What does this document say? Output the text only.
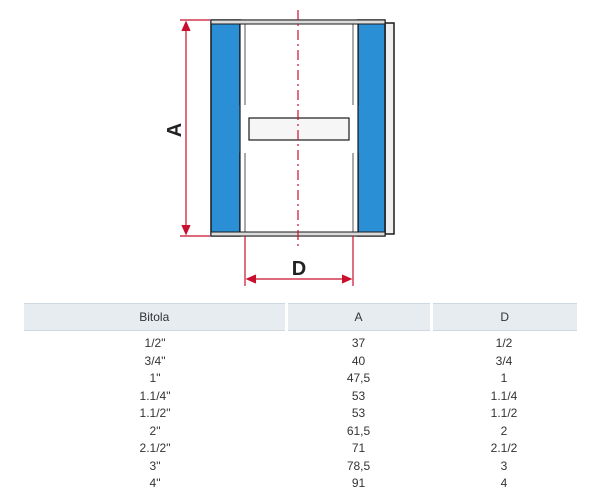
A
D
Bitola	A	D
1/2"	37	1/2
3/4"	40	3/4
1"	47,5	1
1.1/4"	53	1.1/4
1.1/2"	53	1.1/2
2"	61,5	2
2.1/2"	71	2.1/2
3"	78,5	3
4"	91	4
